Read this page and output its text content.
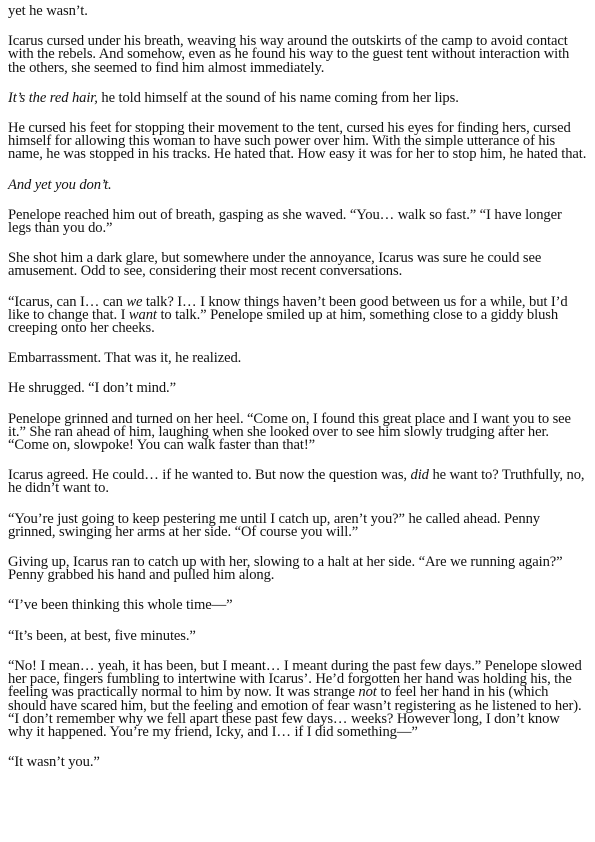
yet he wasn’t.

Icarus cursed under his breath, weaving his way around the outskirts of the camp to avoid contact with the rebels. And somehow, even as he found his way to the guest tent without interaction with the others, she seemed to find him almost immediately.

It’s the red hair, he told himself at the sound of his name coming from her lips.

He cursed his feet for stopping their movement to the tent, cursed his eyes for finding hers, cursed himself for allowing this woman to have such power over him. With the simple utterance of his name, he was stopped in his tracks. He hated that. How easy it was for her to stop him, he hated that.

And yet you don’t.

Penelope reached him out of breath, gasping as she waved. “You… walk so fast.” “I have longer legs than you do.”

She shot him a dark glare, but somewhere under the annoyance, Icarus was sure he could see amusement. Odd to see, considering their most recent conversations.

“Icarus, can I… can we talk? I… I know things haven’t been good between us for a while, but I’d like to change that. I want to talk.” Penelope smiled up at him, something close to a giddy blush creeping onto her cheeks.

Embarrassment. That was it, he realized.

He shrugged. “I don’t mind.”

Penelope grinned and turned on her heel. “Come on, I found this great place and I want you to see it.” She ran ahead of him, laughing when she looked over to see him slowly trudging after her. “Come on, slowpoke! You can walk faster than that!”

Icarus agreed. He could… if he wanted to. But now the question was, did he want to? Truthfully, no, he didn’t want to.

“You’re just going to keep pestering me until I catch up, aren’t you?” he called ahead. Penny grinned, swinging her arms at her side. “Of course you will.”

Giving up, Icarus ran to catch up with her, slowing to a halt at her side. “Are we running again?” Penny grabbed his hand and pulled him along.

“I’ve been thinking this whole time—”

“It’s been, at best, five minutes.”

“No! I mean… yeah, it has been, but I meant… I meant during the past few days.” Penelope slowed her pace, fingers fumbling to intertwine with Icarus’. He’d forgotten her hand was holding his, the feeling was practically normal to him by now. It was strange not to feel her hand in his (which should have scared him, but the feeling and emotion of fear wasn’t registering as he listened to her). “I don’t remember why we fell apart these past few days… weeks? However long, I don’t know why it happened. You’re my friend, Icky, and I… if I did something—”

“It wasn’t you.”
